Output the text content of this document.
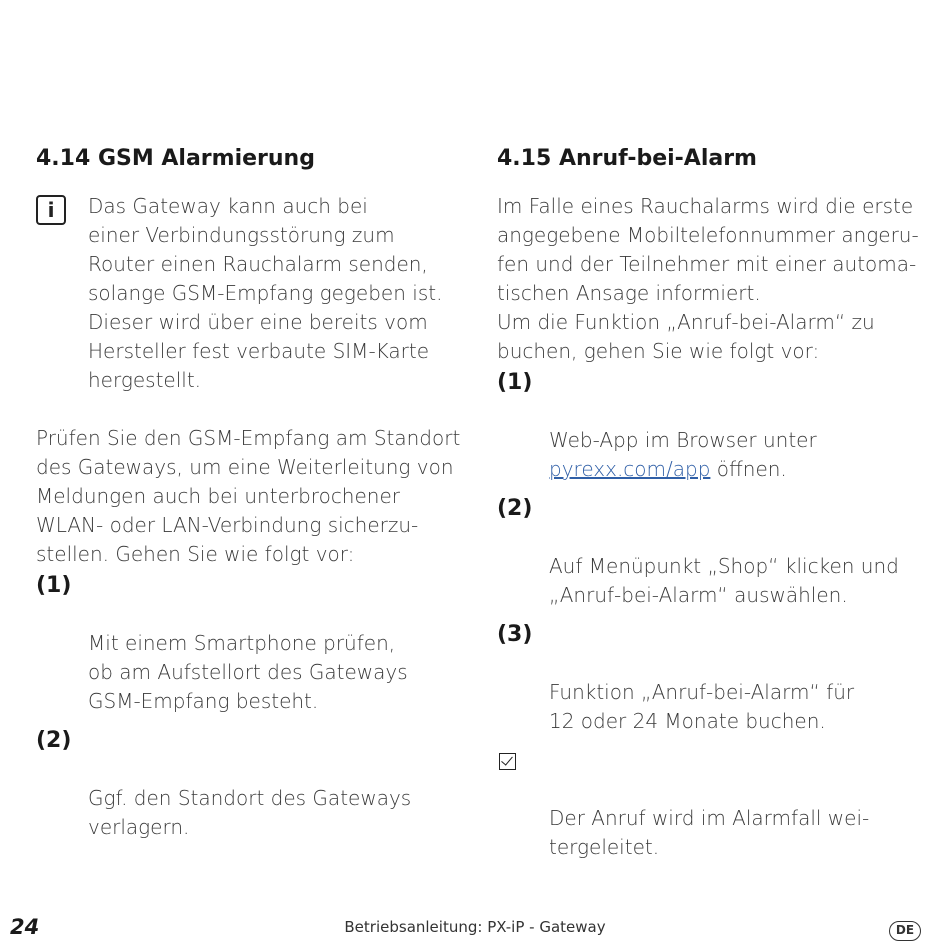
4.14 GSM Alarmierung
i	Das Gateway kann auch bei
einer Verbindungsstörung zum
Router einen Rauchalarm senden,
solange GSM-Empfang gegeben ist.
Dieser wird über eine bereits vom
Hersteller fest verbaute SIM-Karte
hergestellt.

Prüfen Sie den GSM-Empfang am Standort
des Gateways, um eine Weiterleitung von
Meldungen auch bei unterbrochener
WLAN- oder LAN-Verbindung sicherzu-
stellen. Gehen Sie wie folgt vor:

(1)

Mit einem Smartphone prüfen,
ob am Aufstellort des Gateways
GSM-Empfang besteht.

(2)

Ggf. den Standort des Gateways
verlagern.

4.15 Anruf-bei-Alarm

Im Falle eines Rauchalarms wird die erste
angegebene Mobiltelefonnummer angeru-
fen und der Teilnehmer mit einer automa-
tischen Ansage informiert.
Um die Funktion „Anruf-bei-Alarm“ zu
buchen, gehen Sie wie folgt vor:

(1)

Web-App im Browser unter
pyrexx.com/app öffnen.

(2)

Auf Menüpunkt „Shop“ klicken und
„Anruf-bei-Alarm“ auswählen.

(3)

Funktion „Anruf-bei-Alarm“ für
12 oder 24 Monate buchen.

Der Anruf wird im Alarmfall wei-
tergeleitet.

24	Betriebsanleitung: PX-iP - Gateway	DE
